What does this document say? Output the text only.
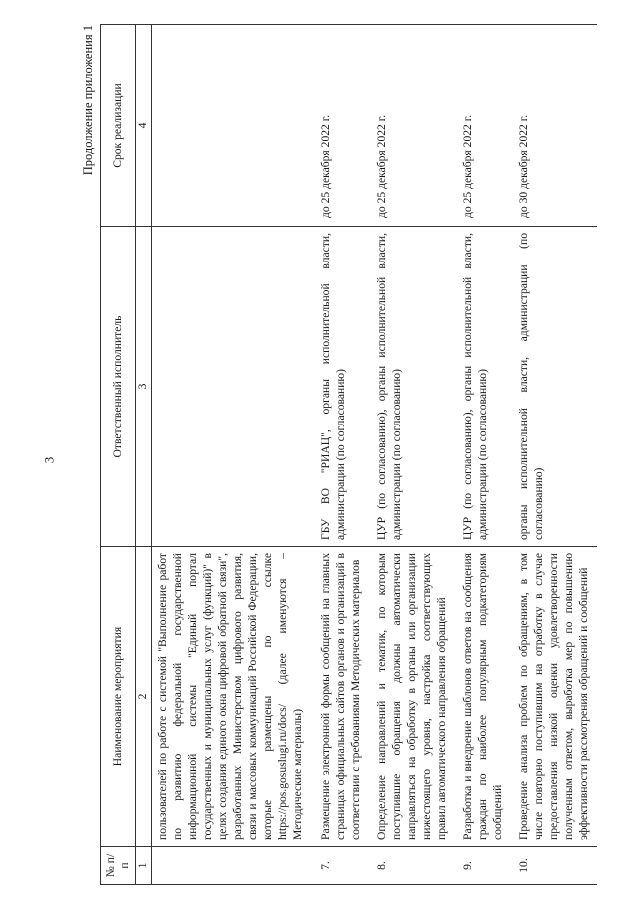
3
Продолжение приложения 1
№ п/п	Наименование мероприятия	Ответственный исполнитель	Срок реализации
1	2	3	4
	пользователей по работе с системой "Выполнение работ по развитию федеральной государственной информационной системы "Единый портал государственных и муниципальных услуг (функций)" в целях создания единого окна цифровой обратной связи", разработанных Министерством цифрового развития, связи и массовых коммуникаций Российской Федерации, которые размещены по ссылке https://pos.gosuslugi.ru/docs/ (далее именуются – Методические материалы)		
7.	Размещение электронной формы сообщений на главных страницах официальных сайтов органов и организаций в соответствии с требованиями Методических материалов	ГБУ ВО "РИАЦ", органы исполнительной власти, администрации (по согласованию)	до 25 декабря 2022 г.
8.	Определение направлений и тематик, по которым поступившие обращения должны автоматически направляться на обработку в органы или организации нижестоящего уровня, настройка соответствующих правил автоматического направления обращений	ЦУР (по согласованию), органы исполнительной власти, администрации (по согласованию)	до 25 декабря 2022 г.
9.	Разработка и внедрение шаблонов ответов на сообщения граждан по наиболее популярным подкатегориям сообщений	ЦУР (по согласованию), органы исполнительной власти, администрации (по согласованию)	до 25 декабря 2022 г.
10.	Проведение анализа проблем по обращениям, в том числе повторно поступившим на отработку в случае предоставления низкой оценки удовлетворенности полученным ответом, выработка мер по повышению эффективности рассмотрения обращений и сообщений	органы исполнительной власти, администрации (по согласованию)	до 30 декабря 2022 г.
